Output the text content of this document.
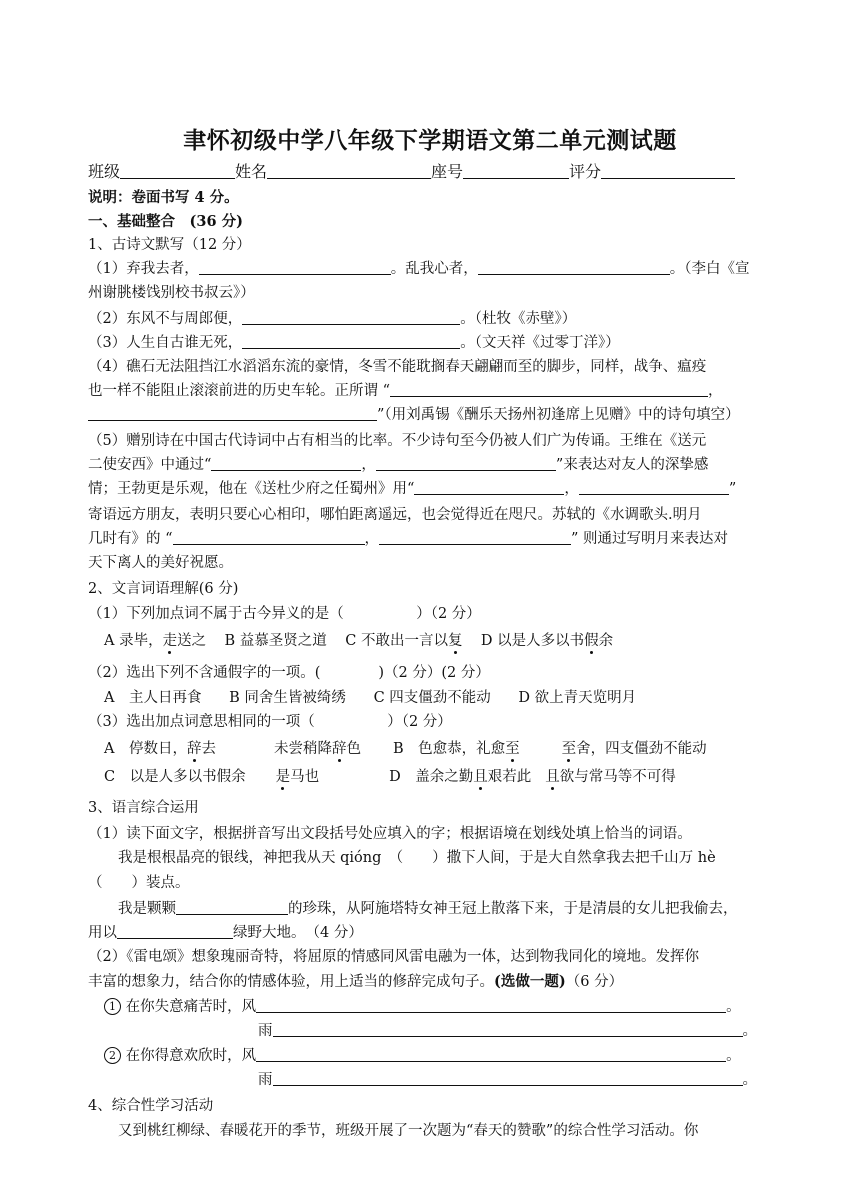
聿怀初级中学八年级下学期语文第二单元测试题
班级	姓名	座号	评分
说明：卷面书写 4 分。
一、基础整合　(36 分)
1、古诗文默写（12 分）
（1）弃我去者，	。乱我心者，	。（李白《宣
州谢朓楼饯别校书叔云》）
（2）东风不与周郎便，	。（杜牧《赤壁》）
（3）人生自古谁无死，	。（文天祥《过零丁洋》）
（4）礁石无法阻挡江水滔滔东流的豪情，冬雪不能耽搁春天翩翩而至的脚步，同样，战争、瘟疫
也一样不能阻止滚滚前进的历史车轮。正所谓 “	，
”（用刘禹锡《酬乐天扬州初逢席上见赠》中的诗句填空）
（5）赠别诗在中国古代诗词中占有相当的比率。不少诗句至今仍被人们广为传诵。王维在《送元
二使安西》中通过“	，	”来表达对友人的深挚感
情；王勃更是乐观，他在《送杜少府之任蜀州》用“	，	”
寄语远方朋友，表明只要心心相印，哪怕距离遥远，也会觉得近在咫尺。苏轼的《水调歌头.明月
几时有》的 “	，	” 则通过写明月来表达对
天下离人的美好祝愿。
2、文言词语理解(6 分)
（1）下列加点词不属于古今异义的是（　　　　　）（2 分）
A 录毕，走送之 B 益慕圣贤之道 C 不敢出一言以复 D 以是人多以书假余
（2）选出下列不含通假字的一项。(　　　　)（2 分）(2 分）
A　主人日再食 B 同舍生皆被绮绣 C 四支僵劲不能动 D 欲上青天览明月
（3）选出加点词意思相同的一项（　　　　　）（2 分）
A　停数日，辞去	未尝稍降辞色 B　色愈恭，礼愈至	至舍，四支僵劲不能动
C　以是人多以书假余 是马也	D　盖余之勤且艰若此 且欲与常马等不可得
3、语言综合运用
（1）读下面文字，根据拼音写出文段括号处应填入的字；根据语境在划线处填上恰当的词语。
我是根根晶亮的银线，神把我从天 qióng　（　　）撒下人间，于是大自然拿我去把千山万 hè
（　　）装点。
我是颗颗	的珍珠，从阿施塔特女神王冠上散落下来，于是清晨的女儿把我偷去，
用以	绿野大地。　（4 分）
（2）《雷电颂》想象瑰丽奇特，将屈原的情感同风雷电融为一体，达到物我同化的境地。发挥你
丰富的想象力，结合你的情感体验，用上适当的修辞完成句子。(选做一题)（6 分）
1 在你失意痛苦时，风	。
雨	。
2 在你得意欢欣时，风	。
雨	。
4、综合性学习活动
又到桃红柳绿、春暖花开的季节，班级开展了一次题为“春天的赞歌”的综合性学习活动。你
